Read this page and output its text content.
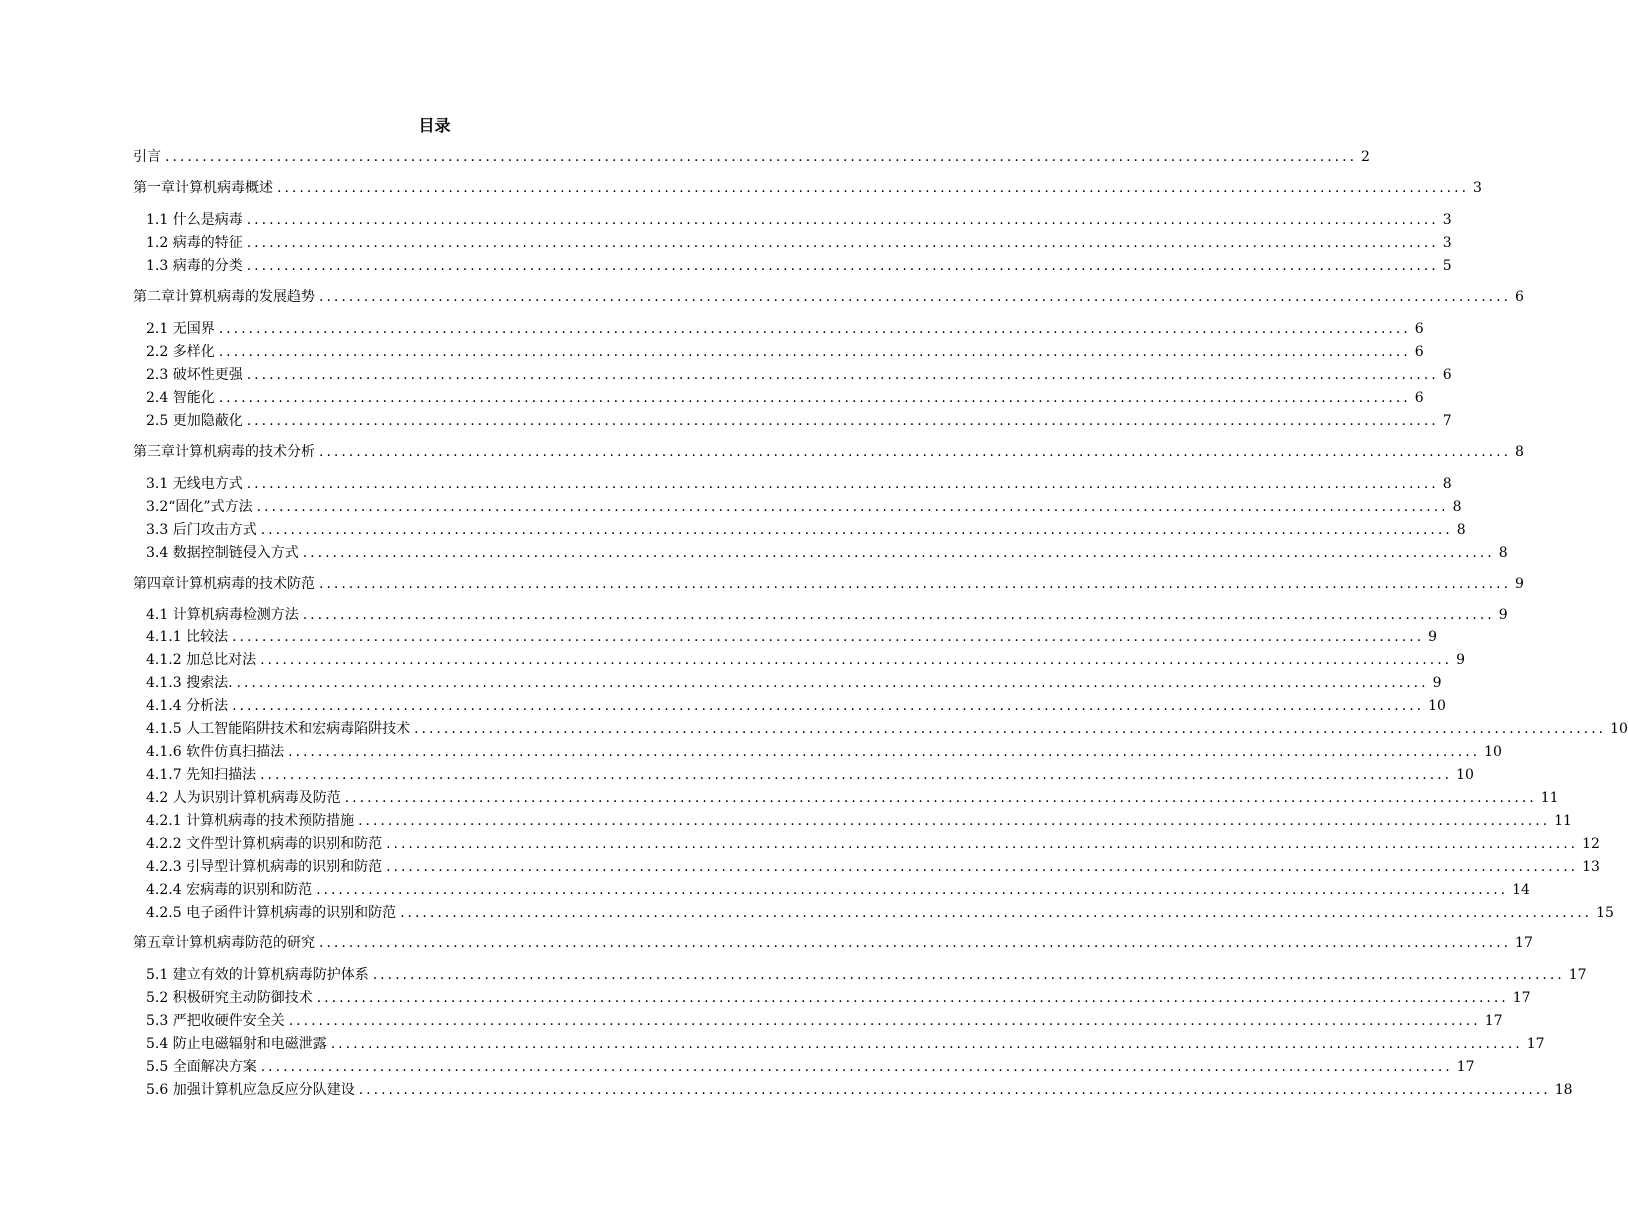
目录
引言 ................................................................................................................................................................ 2
第一章计算机病毒概述 ................................................................................................................................................................ 3
1.1 什么是病毒 ................................................................................................................................................................ 3
1.2 病毒的特征 ................................................................................................................................................................ 3
1.3 病毒的分类 ................................................................................................................................................................ 5
第二章计算机病毒的发展趋势 ................................................................................................................................................................ 6
2.1 无国界 ................................................................................................................................................................ 6
2.2 多样化 ................................................................................................................................................................ 6
2.3 破坏性更强 ................................................................................................................................................................ 6
2.4 智能化 ................................................................................................................................................................ 6
2.5 更加隐蔽化 ................................................................................................................................................................ 7
第三章计算机病毒的技术分析 ................................................................................................................................................................ 8
3.1 无线电方式 ................................................................................................................................................................ 8
3.2“固化”式方法 ................................................................................................................................................................ 8
3.3 后门攻击方式 ................................................................................................................................................................ 8
3.4 数据控制链侵入方式 ................................................................................................................................................................ 8
第四章计算机病毒的技术防范 ................................................................................................................................................................ 9
4.1 计算机病毒检测方法 ................................................................................................................................................................ 9
4.1.1 比较法 ................................................................................................................................................................ 9
4.1.2 加总比对法 ................................................................................................................................................................ 9
4.1.3 搜索法. ................................................................................................................................................................ 9
4.1.4 分析法 ................................................................................................................................................................ 10
4.1.5 人工智能陷阱技术和宏病毒陷阱技术 ................................................................................................................................................................ 10
4.1.6 软件仿真扫描法 ................................................................................................................................................................ 10
4.1.7 先知扫描法 ................................................................................................................................................................ 10
4.2 人为识别计算机病毒及防范 ................................................................................................................................................................ 11
4.2.1 计算机病毒的技术预防措施 ................................................................................................................................................................ 11
4.2.2 文件型计算机病毒的识别和防范 ................................................................................................................................................................ 12
4.2.3 引导型计算机病毒的识别和防范 ................................................................................................................................................................ 13
4.2.4 宏病毒的识别和防范 ................................................................................................................................................................ 14
4.2.5 电子函件计算机病毒的识别和防范 ................................................................................................................................................................ 15
第五章计算机病毒防范的研究 ................................................................................................................................................................ 17
5.1 建立有效的计算机病毒防护体系 ................................................................................................................................................................ 17
5.2 积极研究主动防御技术 ................................................................................................................................................................ 17
5.3 严把收硬件安全关 ................................................................................................................................................................ 17
5.4 防止电磁辐射和电磁泄露 ................................................................................................................................................................ 17
5.5 全面解决方案 ................................................................................................................................................................ 17
5.6 加强计算机应急反应分队建设 ................................................................................................................................................................ 18
